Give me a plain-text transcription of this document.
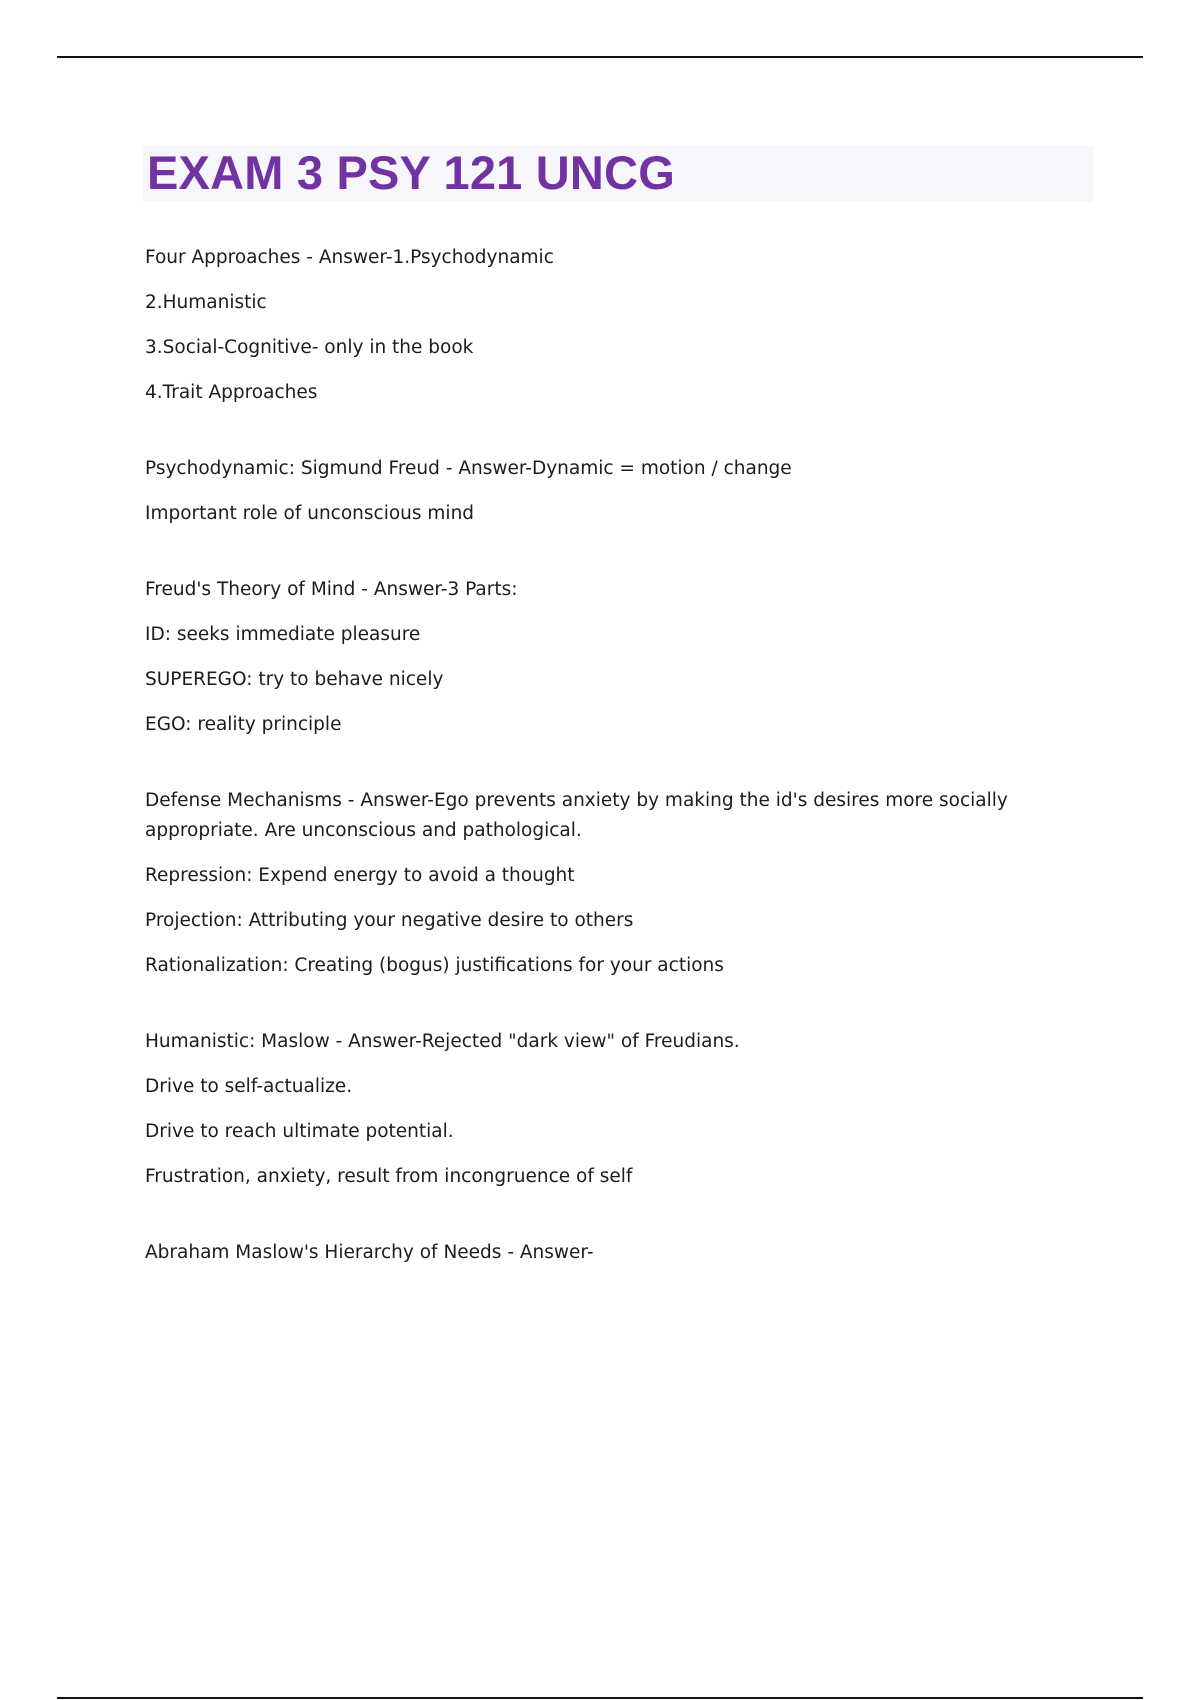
EXAM 3 PSY 121 UNCG

Four Approaches - Answer-1.Psychodynamic

2.Humanistic

3.Social-Cognitive- only in the book

4.Trait Approaches

Psychodynamic: Sigmund Freud - Answer-Dynamic = motion / change

Important role of unconscious mind

Freud's Theory of Mind - Answer-3 Parts:

ID: seeks immediate pleasure

SUPEREGO: try to behave nicely

EGO: reality principle

Defense Mechanisms - Answer-Ego prevents anxiety by making the id's desires more socially appropriate. Are unconscious and pathological.

Repression: Expend energy to avoid a thought

Projection: Attributing your negative desire to others

Rationalization: Creating (bogus) justifications for your actions

Humanistic: Maslow - Answer-Rejected "dark view" of Freudians.

Drive to self-actualize.

Drive to reach ultimate potential.

Frustration, anxiety, result from incongruence of self

Abraham Maslow's Hierarchy of Needs - Answer-
